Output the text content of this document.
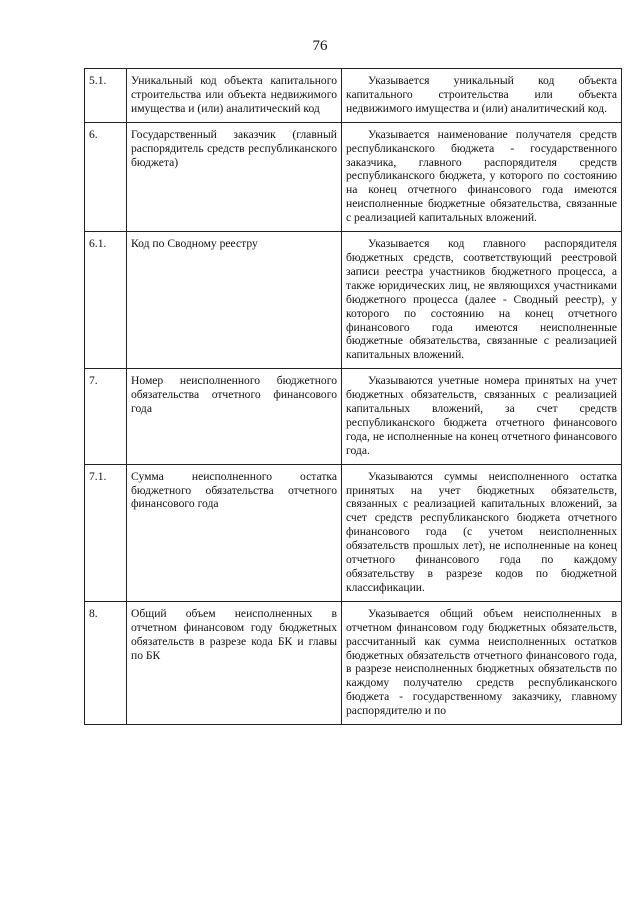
76
5.1.	Уникальный код объекта капитального строительства или объекта недвижимого имущества и (или) аналитический код	Указывается уникальный код объекта капитального строительства или объекта недвижимого имущества и (или) аналитический код.
6.	Государственный заказчик (главный распорядитель средств республиканского бюджета)	Указывается наименование получателя средств республиканского бюджета - государственного заказчика, главного распорядителя средств республиканского бюджета, у которого по состоянию на конец отчетного финансового года имеются неисполненные бюджетные обязательства, связанные с реализацией капитальных вложений.
6.1.	Код по Сводному реестру	Указывается код главного распорядителя бюджетных средств, соответствующий реестровой записи реестра участников бюджетного процесса, а также юридических лиц, не являющихся участниками бюджетного процесса (далее - Сводный реестр), у которого по состоянию на конец отчетного финансового года имеются неисполненные бюджетные обязательства, связанные с реализацией капитальных вложений.
7.	Номер неисполненного бюджетного обязательства отчетного финансового года	Указываются учетные номера принятых на учет бюджетных обязательств, связанных с реализацией капитальных вложений, за счет средств республиканского бюджета отчетного финансового года, не исполненные на конец отчетного финансового года.
7.1.	Сумма неисполненного остатка бюджетного обязательства отчетного финансового года	Указываются суммы неисполненного остатка принятых на учет бюджетных обязательств, связанных с реализацией капитальных вложений, за счет средств республиканского бюджета отчетного финансового года (с учетом неисполненных обязательств прошлых лет), не исполненные на конец отчетного финансового года по каждому обязательству в разрезе кодов по бюджетной классификации.
8.	Общий объем неисполненных в отчетном финансовом году бюджетных обязательств в разрезе кода БК и главы по БК	Указывается общий объем неисполненных в отчетном финансовом году бюджетных обязательств, рассчитанный как сумма неисполненных остатков бюджетных обязательств отчетного финансового года, в разрезе неисполненных бюджетных обязательств по каждому получателю средств республиканского бюджета - государственному заказчику, главному распорядителю и по
